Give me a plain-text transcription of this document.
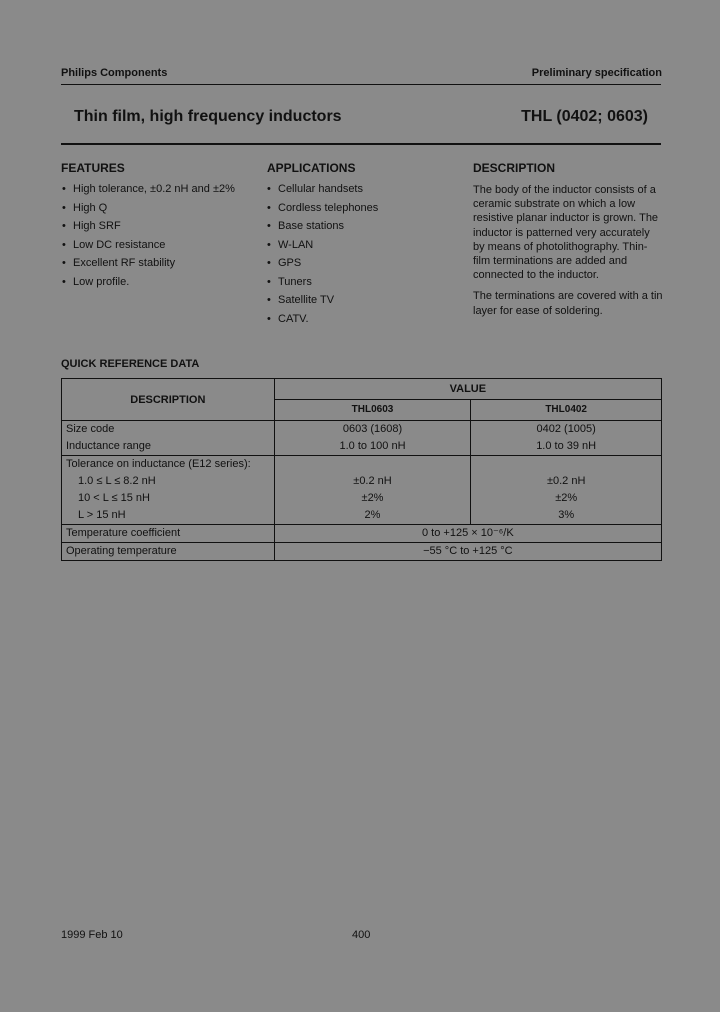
Philips Components	Preliminary specification
Thin film, high frequency inductors	THL (0402; 0603)
FEATURES
• High tolerance, ±0.2 nH and ±2%
• High Q
• High SRF
• Low DC resistance
• Excellent RF stability
• Low profile.
APPLICATIONS
• Cellular handsets
• Cordless telephones
• Base stations
• W-LAN
• GPS
• Tuners
• Satellite TV
• CATV.
DESCRIPTION

The body of the inductor consists of a ceramic substrate on which a low resistive planar inductor is grown. The inductor is patterned very accurately by means of photolithography. Thin-film terminations are added and connected to the inductor.

The terminations are covered with a tin layer for ease of soldering.

QUICK REFERENCE DATA
DESCRIPTION	VALUE	
	THL0603	THL0402
Size code	0603 (1608)	0402 (1005)
Inductance range	1.0 to 100 nH	1.0 to 39 nH
Tolerance on inductance (E12 series):		
1.0 ≤ L ≤ 8.2 nH	±0.2 nH	±0.2 nH
10 < L ≤ 15 nH	±2%	±2%
L > 15 nH	2%	3%
Temperature coefficient	0 to +125 × 10⁻⁶/K	
Operating temperature	−55 °C to +125 °C	
1999 Feb 10	400
